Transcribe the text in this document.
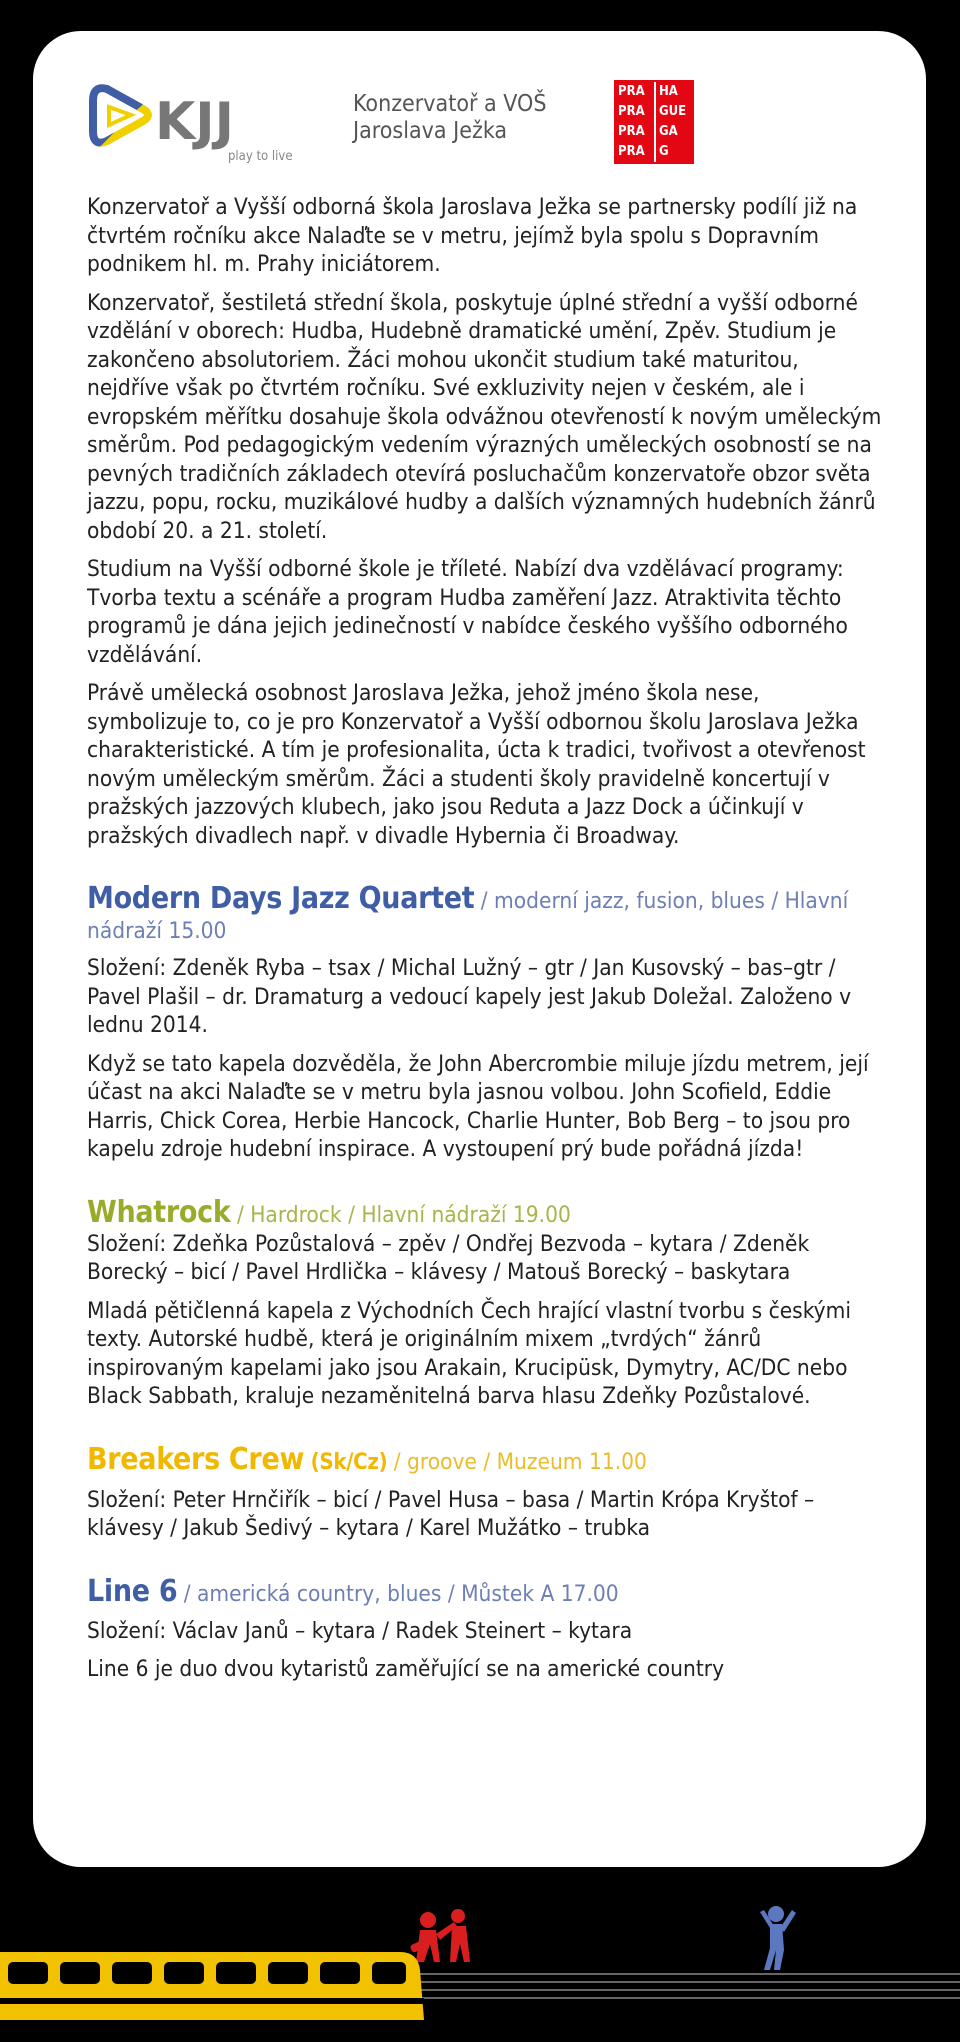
KJJ
play to live
Konzervatoř a VOŠ
Jaroslava Ježka
PRA	HA
PRA	GUE
PRA	GA
PRA	G

Konzervatoř a Vyšší odborná škola Jaroslava Ježka se partnersky podílí již na čtvrtém ročníku akce Nalaďte se v metru, jejímž byla spolu s Dopravním podnikem hl. m. Prahy iniciátorem.

Konzervatoř, šestiletá střední škola, poskytuje úplné střední a vyšší odborné vzdělání v oborech: Hudba, Hudebně dramatické umění, Zpěv. Studium je zakončeno absolutoriem. Žáci mohou ukončit studium také maturitou, nejdříve však po čtvrtém ročníku. Své exkluzivity nejen v českém, ale i evropském měřítku dosahuje škola odvážnou otevřeností k novým uměleckým směrům. Pod pedagogickým vedením výrazných uměleckých osobností se na pevných tradičních základech otevírá posluchačům konzervatoře obzor světa jazzu, popu, rocku, muzikálové hudby a dalších významných hudebních žánrů období 20. a 21. století.

Studium na Vyšší odborné škole je tříleté. Nabízí dva vzdělávací programy: Tvorba textu a scénáře a program Hudba zaměření Jazz. Atraktivita těchto programů je dána jejich jedinečností v nabídce českého vyššího odborného vzdělávání.

Právě umělecká osobnost Jaroslava Ježka, jehož jméno škola nese, symbolizuje to, co je pro Konzervatoř a Vyšší odbornou školu Jaroslava Ježka charakteristické. A tím je profesionalita, úcta k tradici, tvořivost a otevřenost novým uměleckým směrům. Žáci a studenti školy pravidelně koncertují v pražských jazzových klubech, jako jsou Reduta a Jazz Dock a účinkují v pražských divadlech např. v divadle Hybernia či Broadway.

Modern Days Jazz Quartet / moderní jazz, fusion, blues / Hlavní nádraží 15.00

Složení: Zdeněk Ryba – tsax / Michal Lužný – gtr / Jan Kusovský – bas–gtr / Pavel Plašil – dr. Dramaturg a vedoucí kapely jest Jakub Doležal. Založeno v lednu 2014.

Když se tato kapela dozvěděla, že John Abercrombie miluje jízdu metrem, její účast na akci Nalaďte se v metru byla jasnou volbou. John Scofield, Eddie Harris, Chick Corea, Herbie Hancock, Charlie Hunter, Bob Berg – to jsou pro kapelu zdroje hudební inspirace. A vystoupení prý bude pořádná jízda!

Whatrock / Hardrock / Hlavní nádraží 19.00

Složení: Zdeňka Pozůstalová – zpěv / Ondřej Bezvoda – kytara / Zdeněk Borecký – bicí / Pavel Hrdlička – klávesy / Matouš Borecký – baskytara

Mladá pětičlenná kapela z Východních Čech hrající vlastní tvorbu s českými texty. Autorské hudbě, která je originálním mixem „tvrdých“ žánrů inspirovaným kapelami jako jsou Arakain, Krucipüsk, Dymytry, AC/DC nebo Black Sabbath, kraluje nezaměnitelná barva hlasu Zdeňky Pozůstalové.

Breakers Crew (Sk/Cz) / groove / Muzeum 11.00

Složení: Peter Hrnčiřík – bicí / Pavel Husa – basa / Martin Krópa Kryštof – klávesy / Jakub Šedivý – kytara / Karel Mužátko – trubka

Line 6 / americká country, blues / Můstek A 17.00

Složení: Václav Janů – kytara / Radek Steinert – kytara

Line 6 je duo dvou kytaristů zaměřující se na americké country
